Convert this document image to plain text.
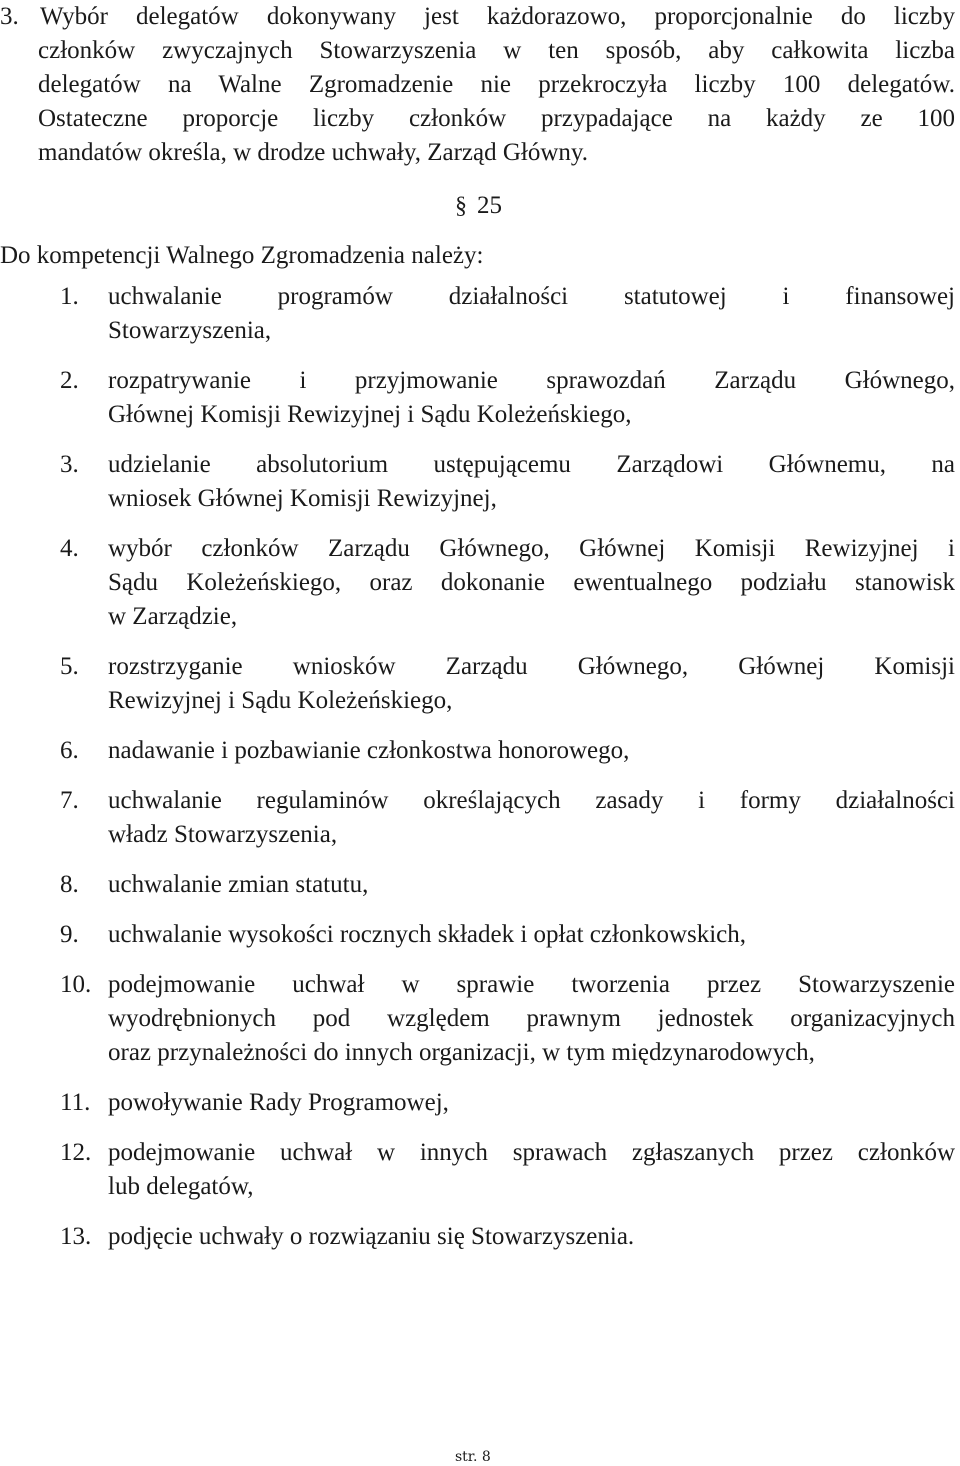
3. Wybór delegatów dokonywany jest każdorazowo, proporcjonalnie do liczby
członków zwyczajnych Stowarzyszenia w ten sposób, aby całkowita liczba
delegatów na Walne Zgromadzenie nie przekroczyła liczby 100 delegatów.
Ostateczne proporcje liczby członków przypadające na każdy ze 100
mandatów określa, w drodze uchwały, Zarząd Główny.
§ 25
Do kompetencji Walnego Zgromadzenia należy:
1.	uchwalanie programów działalności statutowej i finansowej
Stowarzyszenia,
2.	rozpatrywanie i przyjmowanie sprawozdań Zarządu Głównego,
Głównej Komisji Rewizyjnej i Sądu Koleżeńskiego,
3.	udzielanie absolutorium ustępującemu Zarządowi Głównemu, na
wniosek Głównej Komisji Rewizyjnej,
4.	wybór członków Zarządu Głównego, Głównej Komisji Rewizyjnej i
Sądu Koleżeńskiego, oraz dokonanie ewentualnego podziału stanowisk
w Zarządzie,
5.	rozstrzyganie wniosków Zarządu Głównego, Głównej Komisji
Rewizyjnej i Sądu Koleżeńskiego,
6.	nadawanie i pozbawianie członkostwa honorowego,
7.	uchwalanie regulaminów określających zasady i formy działalności
władz Stowarzyszenia,
8.	uchwalanie zmian statutu,
9.	uchwalanie wysokości rocznych składek i opłat członkowskich,
10. podejmowanie uchwał w sprawie tworzenia przez Stowarzyszenie
wyodrębnionych pod względem prawnym jednostek organizacyjnych
oraz przynależności do innych organizacji, w tym międzynarodowych,
11. powoływanie Rady Programowej,
12. podejmowanie uchwał w innych sprawach zgłaszanych przez członków
lub delegatów,
13. podjęcie uchwały o rozwiązaniu się Stowarzyszenia.
str. 8
